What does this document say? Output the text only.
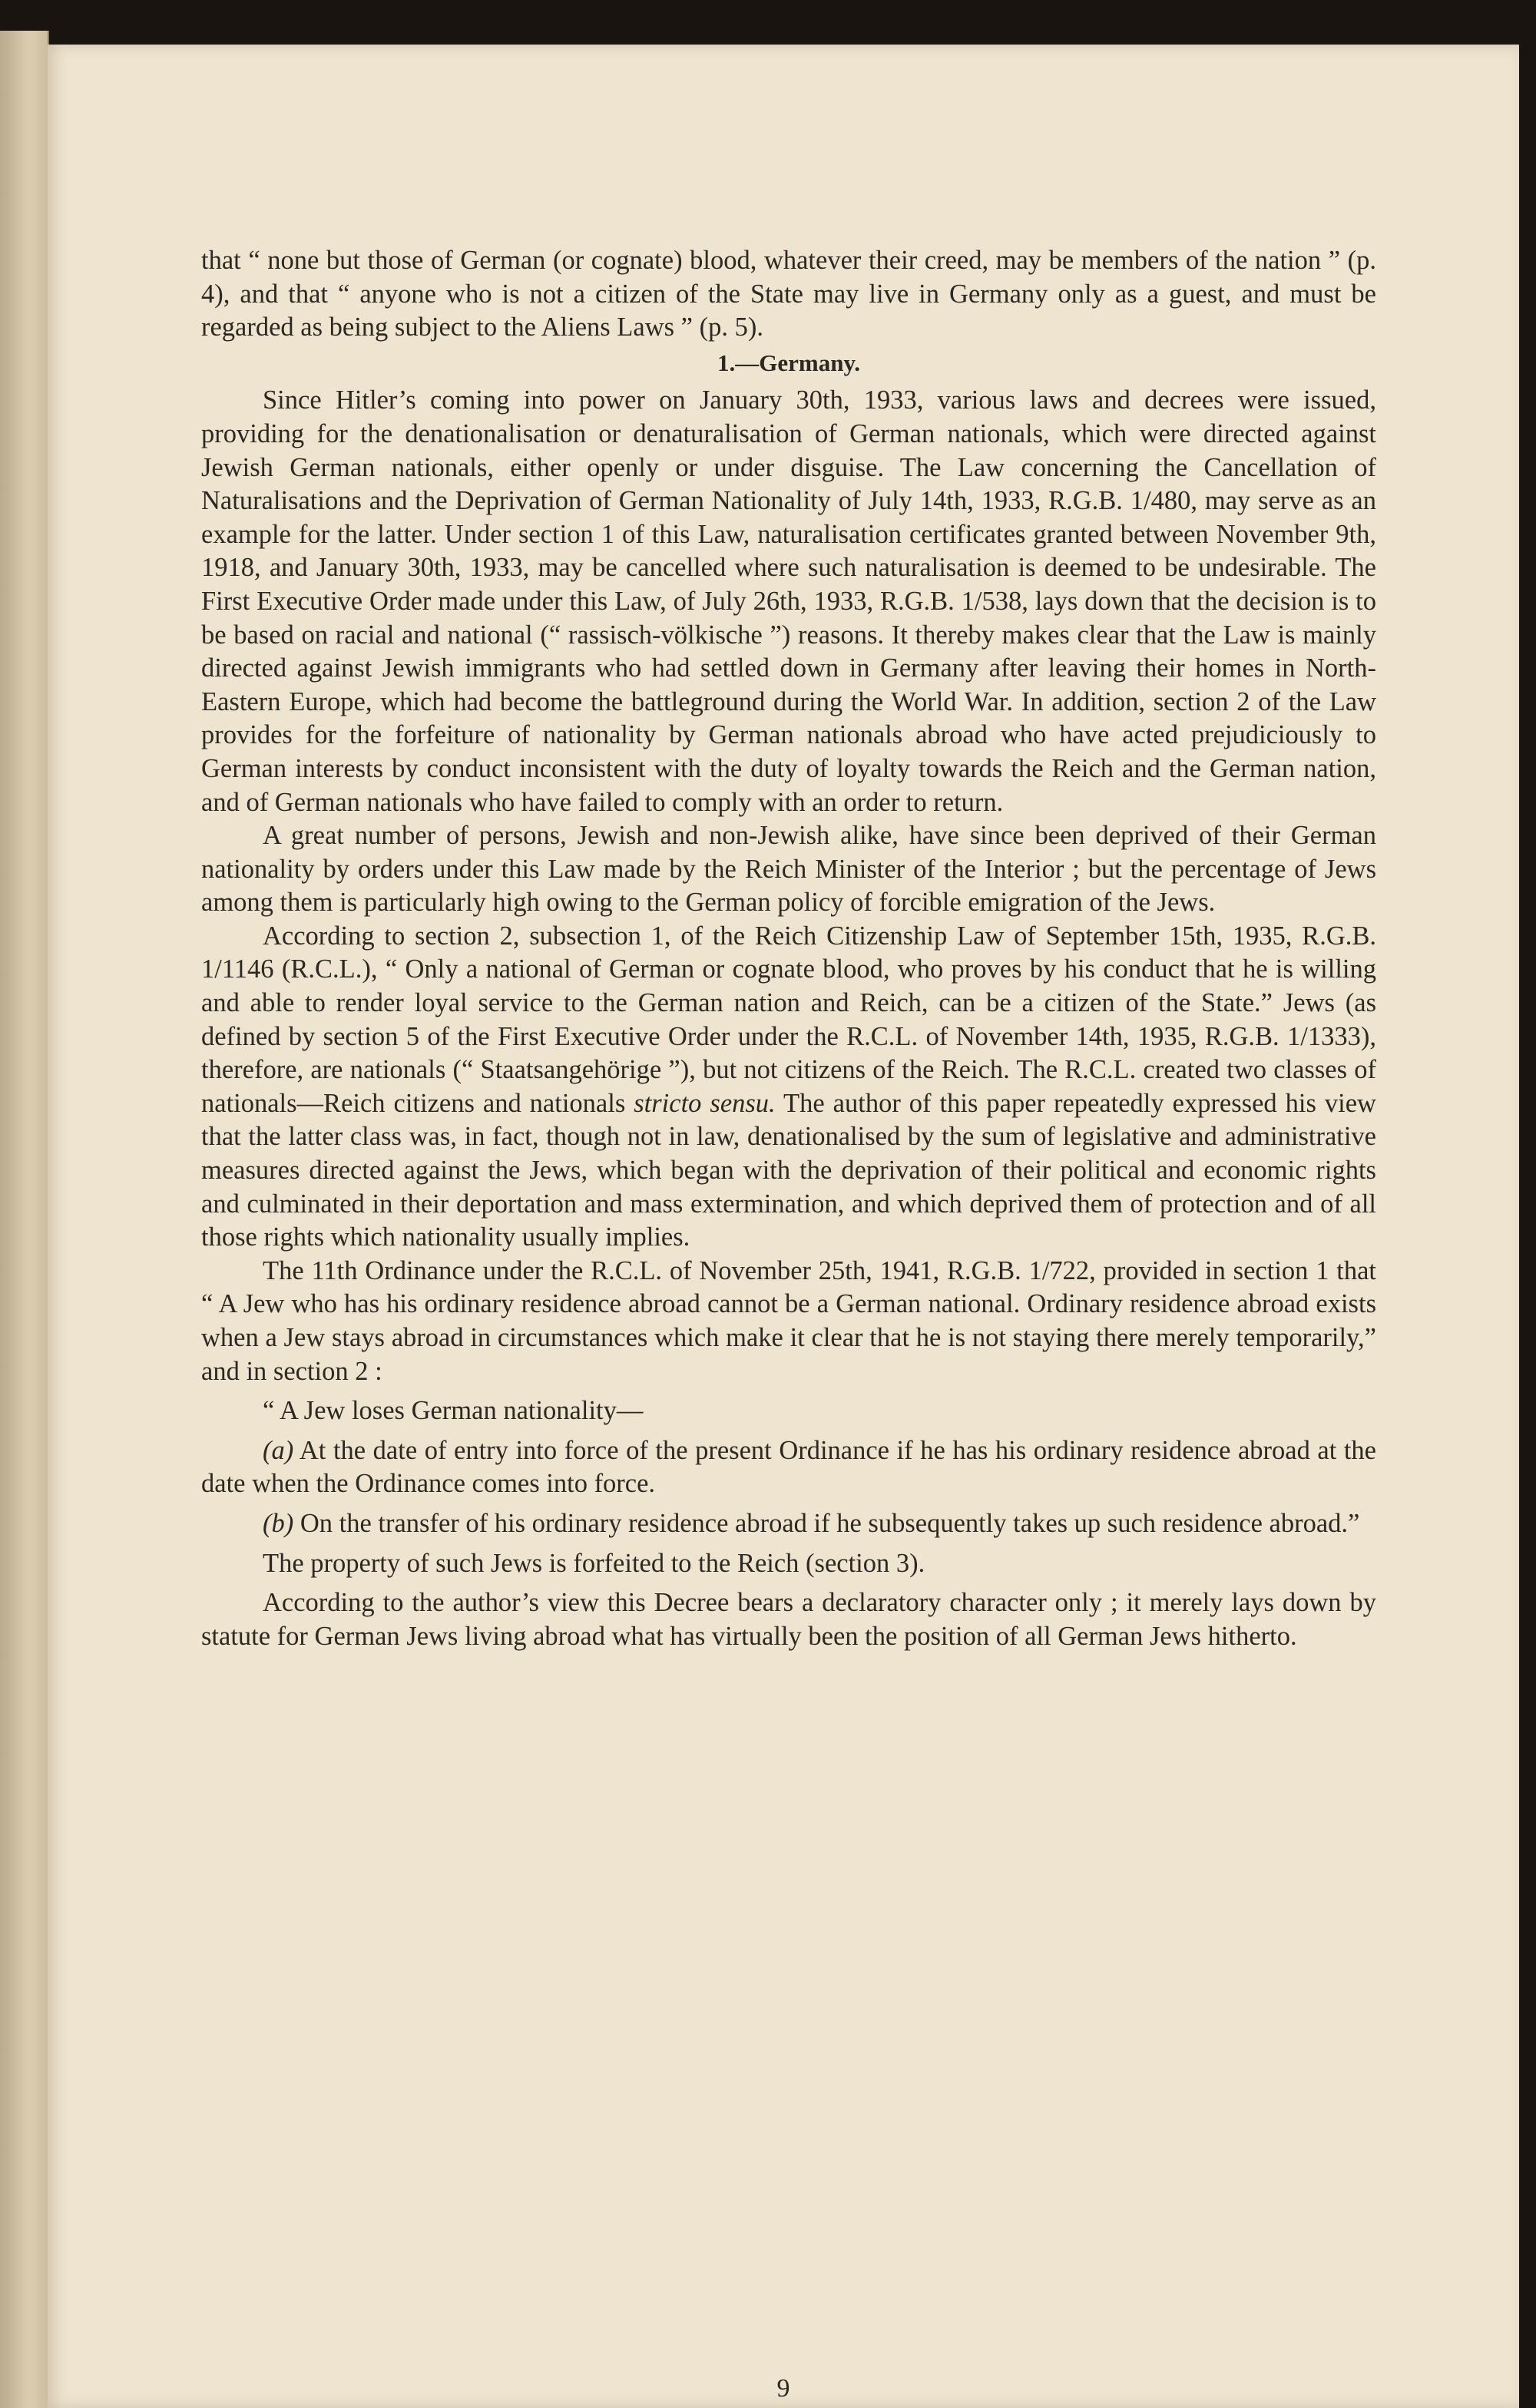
that “ none but those of German (or cognate) blood, whatever their creed, may be members of the nation ” (p. 4), and that “ anyone who is not a citizen of the State may live in Germany only as a guest, and must be regarded as being subject to the Aliens Laws ” (p. 5).

1.—Germany.

Since Hitler’s coming into power on January 30th, 1933, various laws and decrees were issued, providing for the denationalisation or denaturalisation of German nationals, which were directed against Jewish German nationals, either openly or under disguise. The Law concerning the Cancellation of Naturalisations and the Deprivation of German Nationality of July 14th, 1933, R.G.B. 1/480, may serve as an example for the latter. Under section 1 of this Law, naturalisation certificates granted between November 9th, 1918, and January 30th, 1933, may be cancelled where such naturalisation is deemed to be undesirable. The First Executive Order made under this Law, of July 26th, 1933, R.G.B. 1/538, lays down that the decision is to be based on racial and national (“ rassisch-völkische ”) reasons. It thereby makes clear that the Law is mainly directed against Jewish immigrants who had settled down in Germany after leaving their homes in North-Eastern Europe, which had become the battleground during the World War. In addition, section 2 of the Law provides for the forfeiture of nationality by German nationals abroad who have acted prejudiciously to German interests by conduct inconsistent with the duty of loyalty towards the Reich and the German nation, and of German nationals who have failed to comply with an order to return.

A great number of persons, Jewish and non-Jewish alike, have since been deprived of their German nationality by orders under this Law made by the Reich Minister of the Interior ; but the percentage of Jews among them is particularly high owing to the German policy of forcible emigration of the Jews.

According to section 2, subsection 1, of the Reich Citizenship Law of September 15th, 1935, R.G.B. 1/1146 (R.C.L.), “ Only a national of German or cognate blood, who proves by his conduct that he is willing and able to render loyal service to the German nation and Reich, can be a citizen of the State.” Jews (as defined by section 5 of the First Executive Order under the R.C.L. of November 14th, 1935, R.G.B. 1/1333), therefore, are nationals (“ Staatsangehörige ”), but not citizens of the Reich. The R.C.L. created two classes of nationals—Reich citizens and nationals stricto sensu. The author of this paper repeatedly expressed his view that the latter class was, in fact, though not in law, denationalised by the sum of legislative and administrative measures directed against the Jews, which began with the deprivation of their political and economic rights and culminated in their deportation and mass extermination, and which deprived them of protection and of all those rights which nationality usually implies.

The 11th Ordinance under the R.C.L. of November 25th, 1941, R.G.B. 1/722, provided in section 1 that “ A Jew who has his ordinary residence abroad cannot be a German national. Ordinary residence abroad exists when a Jew stays abroad in circumstances which make it clear that he is not staying there merely temporarily,” and in section 2 :

“ A Jew loses German nationality—

(a) At the date of entry into force of the present Ordinance if he has his ordinary residence abroad at the date when the Ordinance comes into force.

(b) On the transfer of his ordinary residence abroad if he subsequently takes up such residence abroad.”

The property of such Jews is forfeited to the Reich (section 3).

According to the author’s view this Decree bears a declaratory character only ; it merely lays down by statute for German Jews living abroad what has virtually been the position of all German Jews hitherto.

9
